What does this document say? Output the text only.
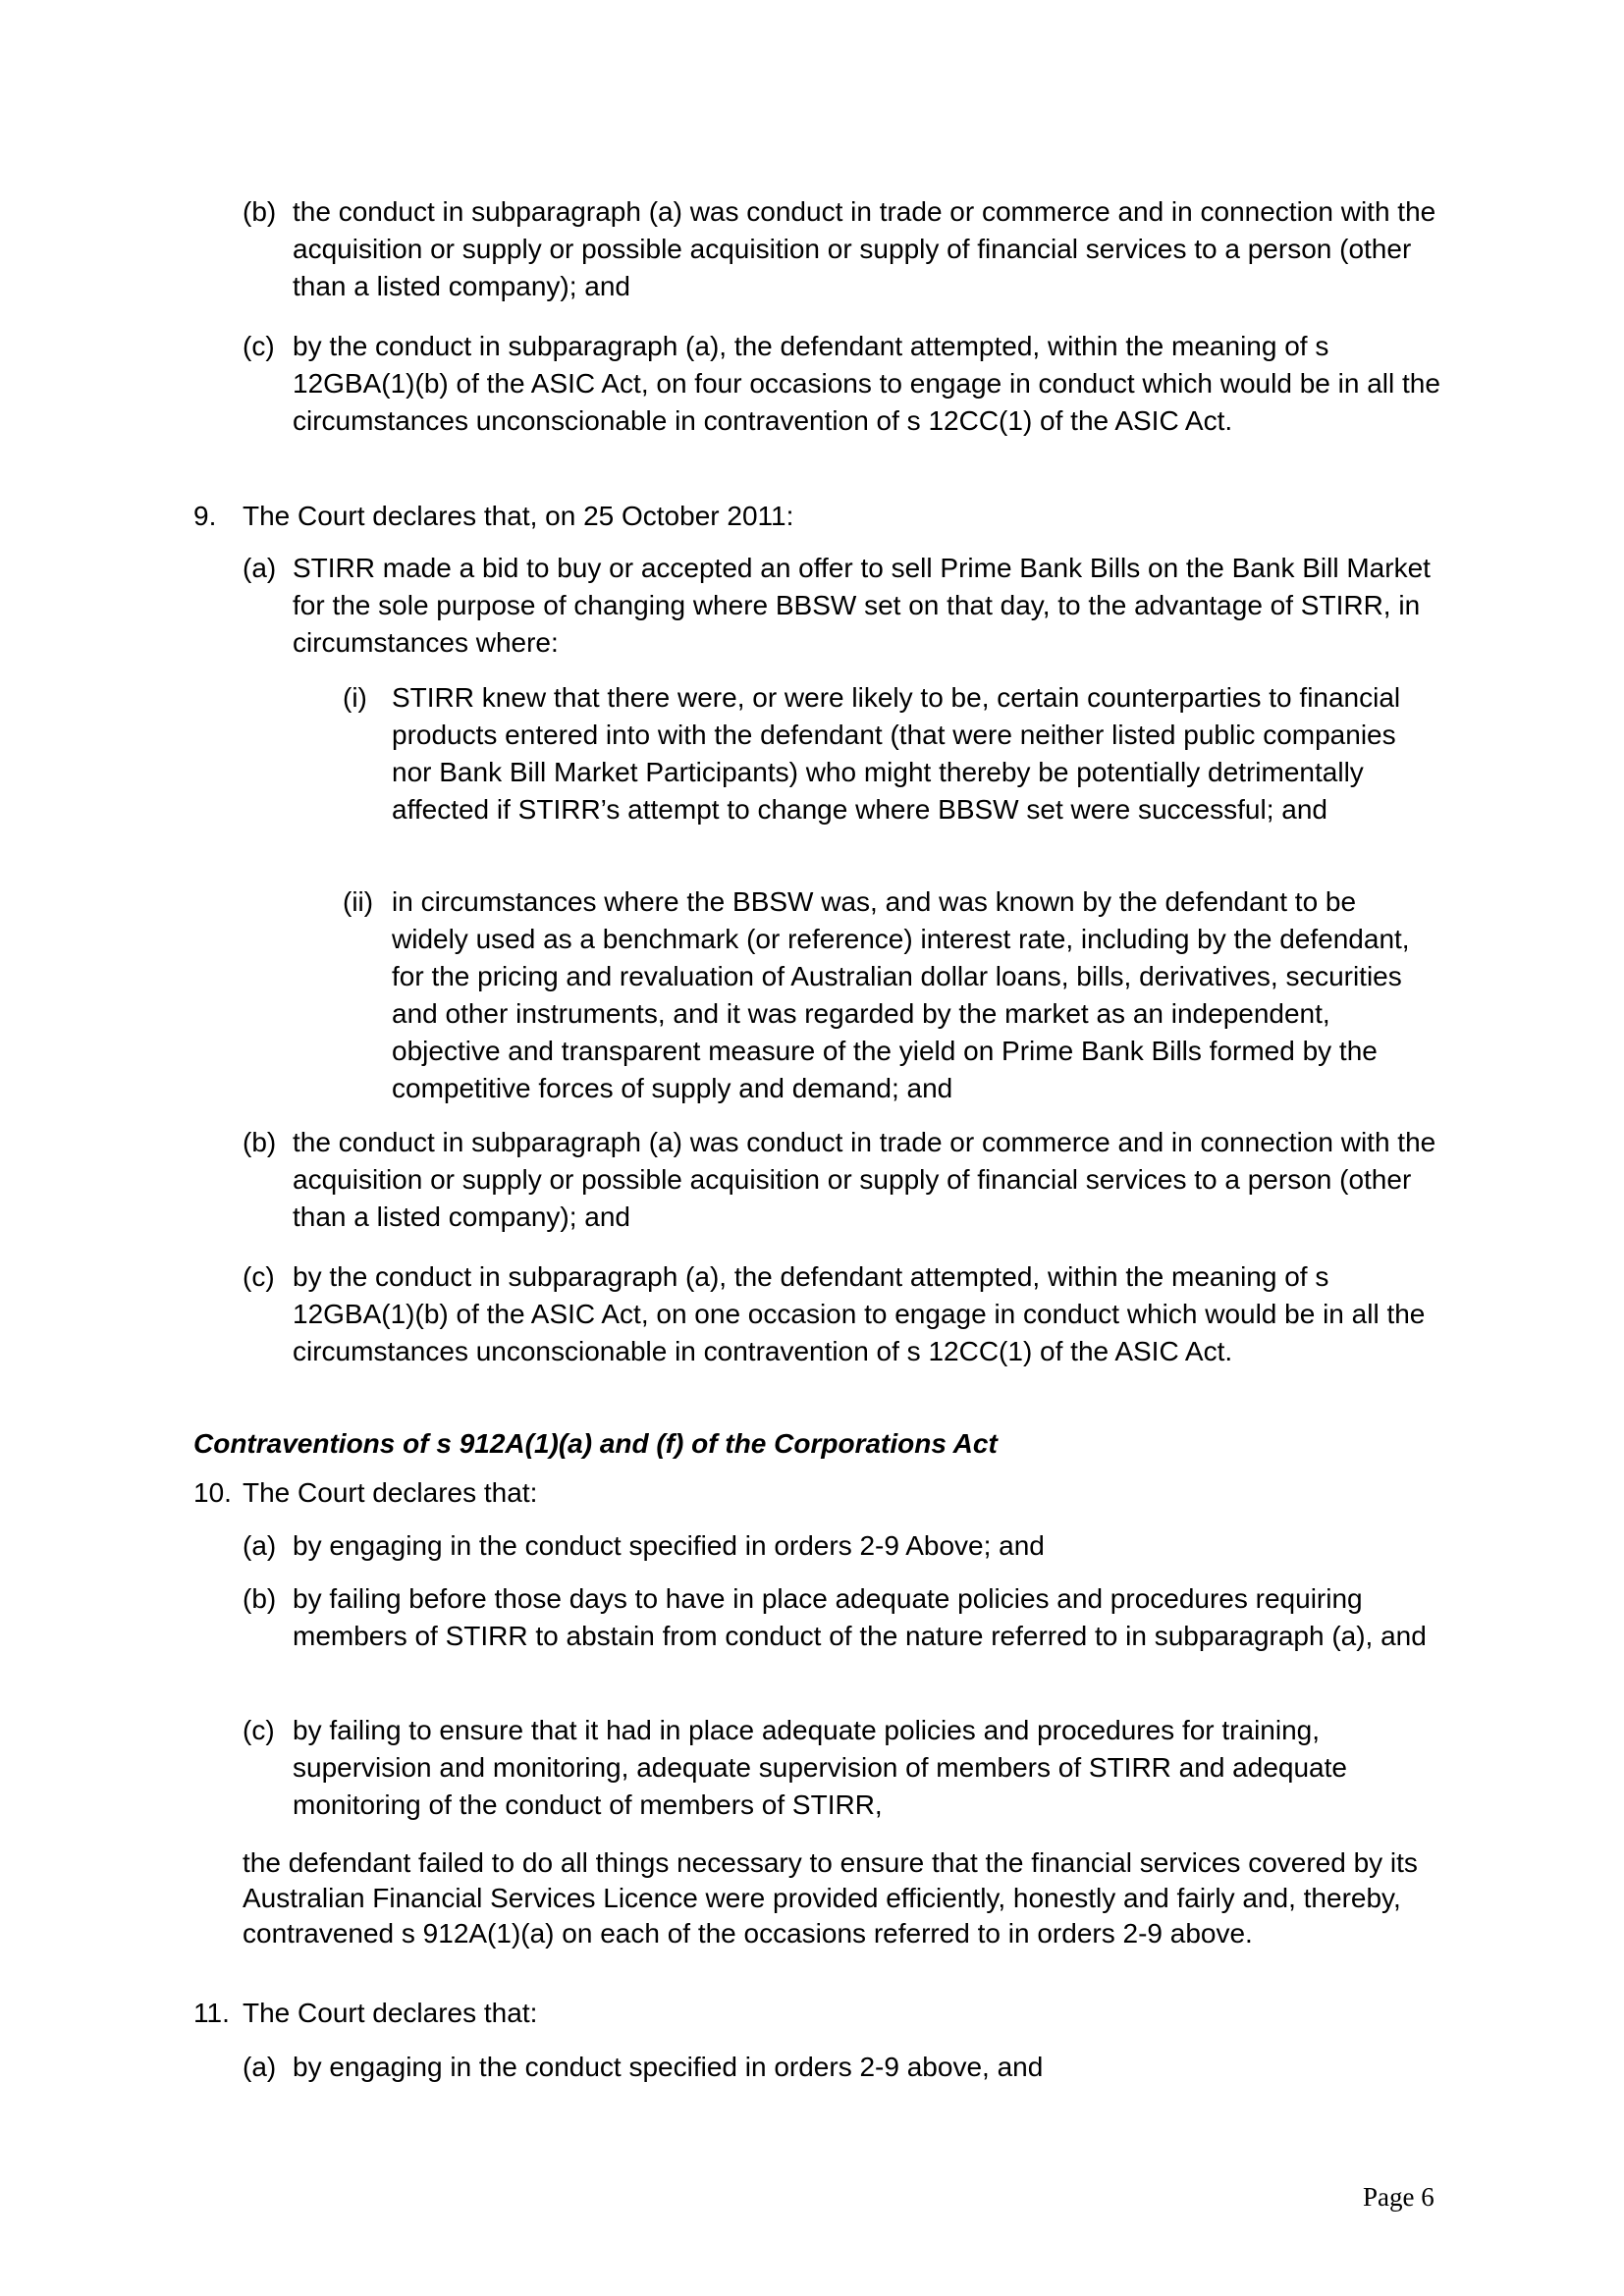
(b) the conduct in subparagraph (a) was conduct in trade or commerce and in connection with the acquisition or supply or possible acquisition or supply of financial services to a person (other than a listed company); and
(c) by the conduct in subparagraph (a), the defendant attempted, within the meaning of s 12GBA(1)(b) of the ASIC Act, on four occasions to engage in conduct which would be in all the circumstances unconscionable in contravention of s 12CC(1) of the ASIC Act.
9. The Court declares that, on 25 October 2011:
(a) STIRR made a bid to buy or accepted an offer to sell Prime Bank Bills on the Bank Bill Market for the sole purpose of changing where BBSW set on that day, to the advantage of STIRR, in circumstances where:
(i) STIRR knew that there were, or were likely to be, certain counterparties to financial products entered into with the defendant (that were neither listed public companies nor Bank Bill Market Participants) who might thereby be potentially detrimentally affected if STIRR’s attempt to change where BBSW set were successful; and
(ii) in circumstances where the BBSW was, and was known by the defendant to be widely used as a benchmark (or reference) interest rate, including by the defendant, for the pricing and revaluation of Australian dollar loans, bills, derivatives, securities and other instruments, and it was regarded by the market as an independent, objective and transparent measure of the yield on Prime Bank Bills formed by the competitive forces of supply and demand; and
(b) the conduct in subparagraph (a) was conduct in trade or commerce and in connection with the acquisition or supply or possible acquisition or supply of financial services to a person (other than a listed company); and
(c) by the conduct in subparagraph (a), the defendant attempted, within the meaning of s 12GBA(1)(b) of the ASIC Act, on one occasion to engage in conduct which would be in all the circumstances unconscionable in contravention of s 12CC(1) of the ASIC Act.
Contraventions of s 912A(1)(a) and (f) of the Corporations Act
10. The Court declares that:
(a) by engaging in the conduct specified in orders 2-9 Above; and
(b) by failing before those days to have in place adequate policies and procedures requiring members of STIRR to abstain from conduct of the nature referred to in subparagraph (a), and
(c) by failing to ensure that it had in place adequate policies and procedures for training, supervision and monitoring, adequate supervision of members of STIRR and adequate monitoring of the conduct of members of STIRR,
the defendant failed to do all things necessary to ensure that the financial services covered by its Australian Financial Services Licence were provided efficiently, honestly and fairly and, thereby, contravened s 912A(1)(a) on each of the occasions referred to in orders 2-9 above.
11. The Court declares that:
(a) by engaging in the conduct specified in orders 2-9 above, and
Page 6
